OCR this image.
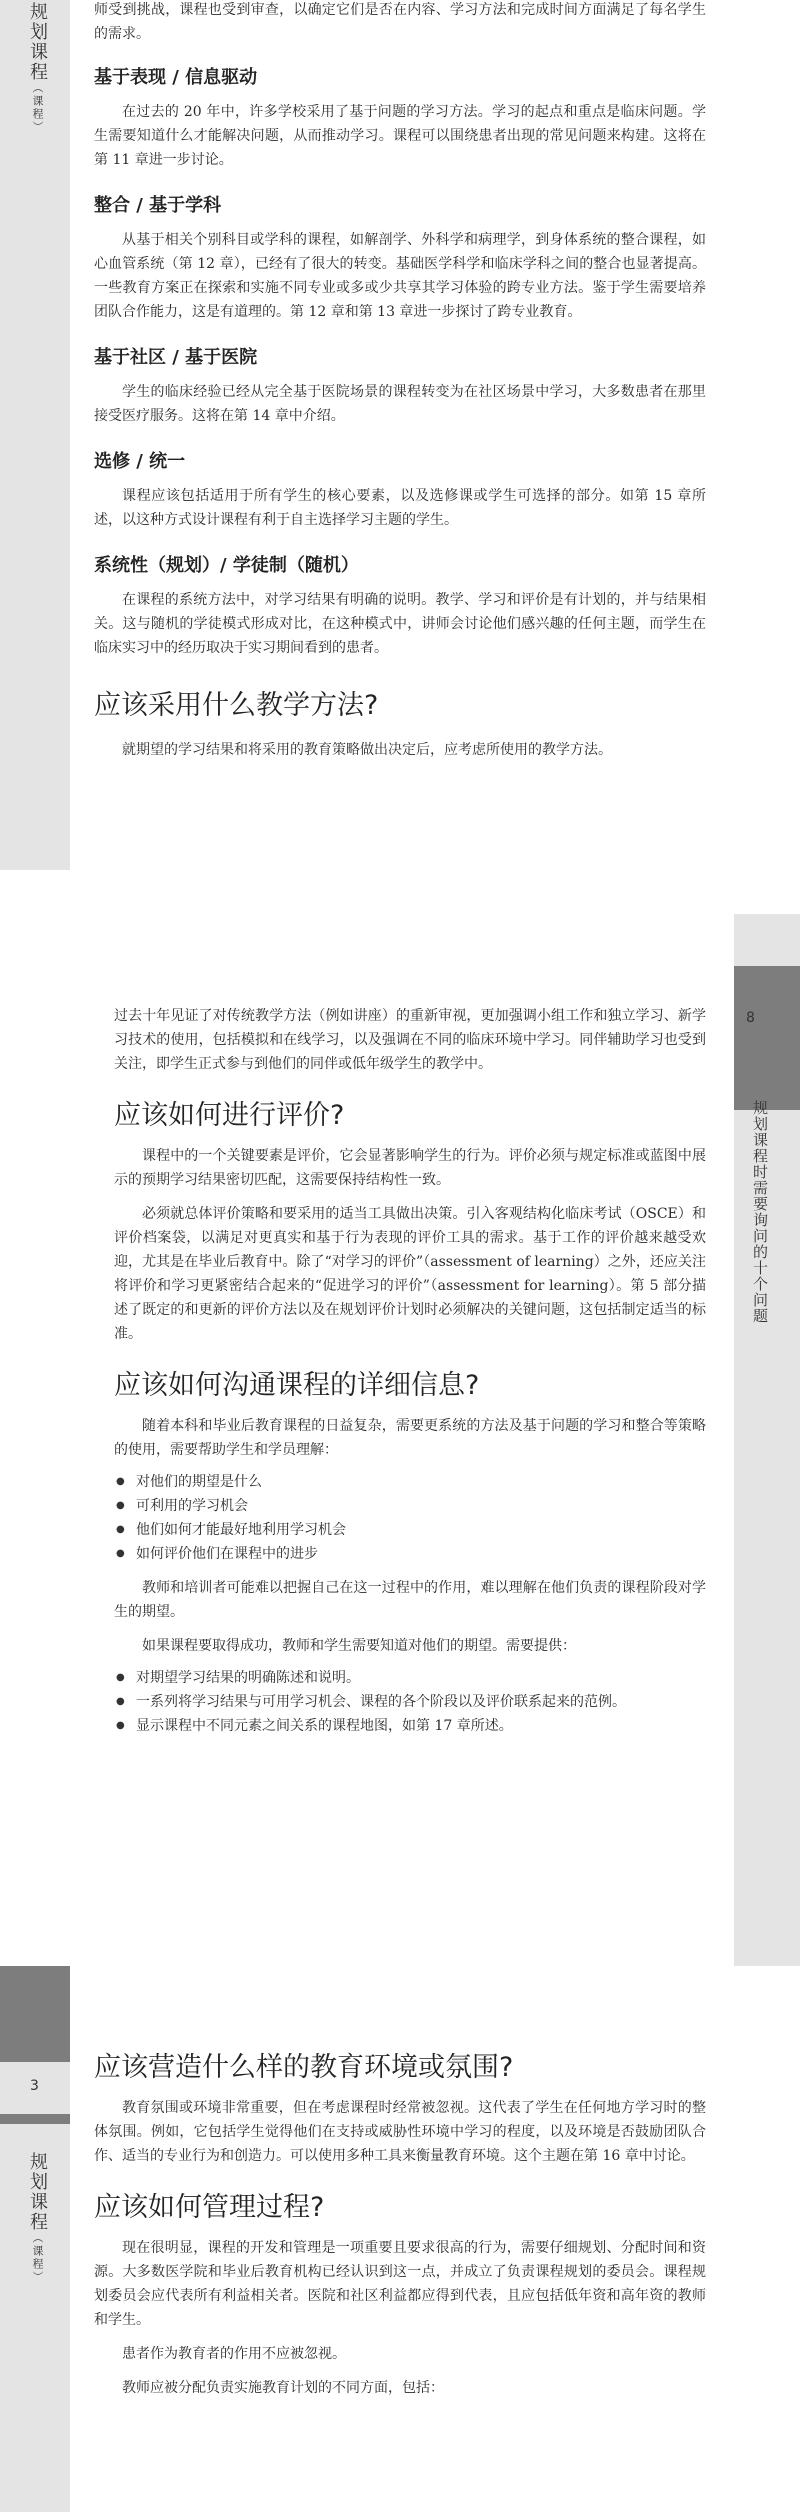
规划课程（课程）

师受到挑战，课程也受到审查，以确定它们是否在内容、学习方法和完成时间方面满足了每名学生的需求。

基于表现 / 信息驱动

在过去的 20 年中，许多学校采用了基于问题的学习方法。学习的起点和重点是临床问题。学生需要知道什么才能解决问题，从而推动学习。课程可以围绕患者出现的常见问题来构建。这将在第 11 章进一步讨论。

整合 / 基于学科

从基于相关个别科目或学科的课程，如解剖学、外科学和病理学，到身体系统的整合课程，如心血管系统（第 12 章），已经有了很大的转变。基础医学科学和临床学科之间的整合也显著提高。一些教育方案正在探索和实施不同专业或多或少共享其学习体验的跨专业方法。鉴于学生需要培养团队合作能力，这是有道理的。第 12 章和第 13 章进一步探讨了跨专业教育。

基于社区 / 基于医院

学生的临床经验已经从完全基于医院场景的课程转变为在社区场景中学习，大多数患者在那里接受医疗服务。这将在第 14 章中介绍。

选修 / 统一

课程应该包括适用于所有学生的核心要素，以及选修课或学生可选择的部分。如第 15 章所述，以这种方式设计课程有利于自主选择学习主题的学生。

系统性（规划）/ 学徒制（随机）

在课程的系统方法中，对学习结果有明确的说明。教学、学习和评价是有计划的，并与结果相关。这与随机的学徒模式形成对比，在这种模式中，讲师会讨论他们感兴趣的任何主题，而学生在临床实习中的经历取决于实习期间看到的患者。

应该采用什么教学方法?

就期望的学习结果和将采用的教育策略做出决定后，应考虑所使用的教学方法。

8
规划课程时需要询问的十个问题

过去十年见证了对传统教学方法（例如讲座）的重新审视，更加强调小组工作和独立学习、新学习技术的使用，包括模拟和在线学习，以及强调在不同的临床环境中学习。同伴辅助学习也受到关注，即学生正式参与到他们的同伴或低年级学生的教学中。

应该如何进行评价?

课程中的一个关键要素是评价，它会显著影响学生的行为。评价必须与规定标准或蓝图中展示的预期学习结果密切匹配，这需要保持结构性一致。

必须就总体评价策略和要采用的适当工具做出决策。引入客观结构化临床考试（OSCE）和评价档案袋，以满足对更真实和基于行为表现的评价工具的需求。基于工作的评价越来越受欢迎，尤其是在毕业后教育中。除了“对学习的评价”（assessment of learning）之外，还应关注将评价和学习更紧密结合起来的“促进学习的评价”（assessment for learning）。第 5 部分描述了既定的和更新的评价方法以及在规划评价计划时必须解决的关键问题，这包括制定适当的标准。

应该如何沟通课程的详细信息?

随着本科和毕业后教育课程的日益复杂，需要更系统的方法及基于问题的学习和整合等策略的使用，需要帮助学生和学员理解：

● 对他们的期望是什么
● 可利用的学习机会
● 他们如何才能最好地利用学习机会
● 如何评价他们在课程中的进步

教师和培训者可能难以把握自己在这一过程中的作用，难以理解在他们负责的课程阶段对学生的期望。

如果课程要取得成功，教师和学生需要知道对他们的期望。需要提供：

● 对期望学习结果的明确陈述和说明。
● 一系列将学习结果与可用学习机会、课程的各个阶段以及评价联系起来的范例。
● 显示课程中不同元素之间关系的课程地图，如第 17 章所述。
3
规划课程（课程）
应该营造什么样的教育环境或氛围?

教育氛围或环境非常重要，但在考虑课程时经常被忽视。这代表了学生在任何地方学习时的整体氛围。例如，它包括学生觉得他们在支持或威胁性环境中学习的程度，以及环境是否鼓励团队合作、适当的专业行为和创造力。可以使用多种工具来衡量教育环境。这个主题在第 16 章中讨论。

应该如何管理过程?

现在很明显，课程的开发和管理是一项重要且要求很高的行为，需要仔细规划、分配时间和资源。大多数医学院和毕业后教育机构已经认识到这一点，并成立了负责课程规划的委员会。课程规划委员会应代表所有利益相关者。医院和社区利益都应得到代表，且应包括低年资和高年资的教师和学生。

患者作为教育者的作用不应被忽视。

教师应被分配负责实施教育计划的不同方面，包括：
